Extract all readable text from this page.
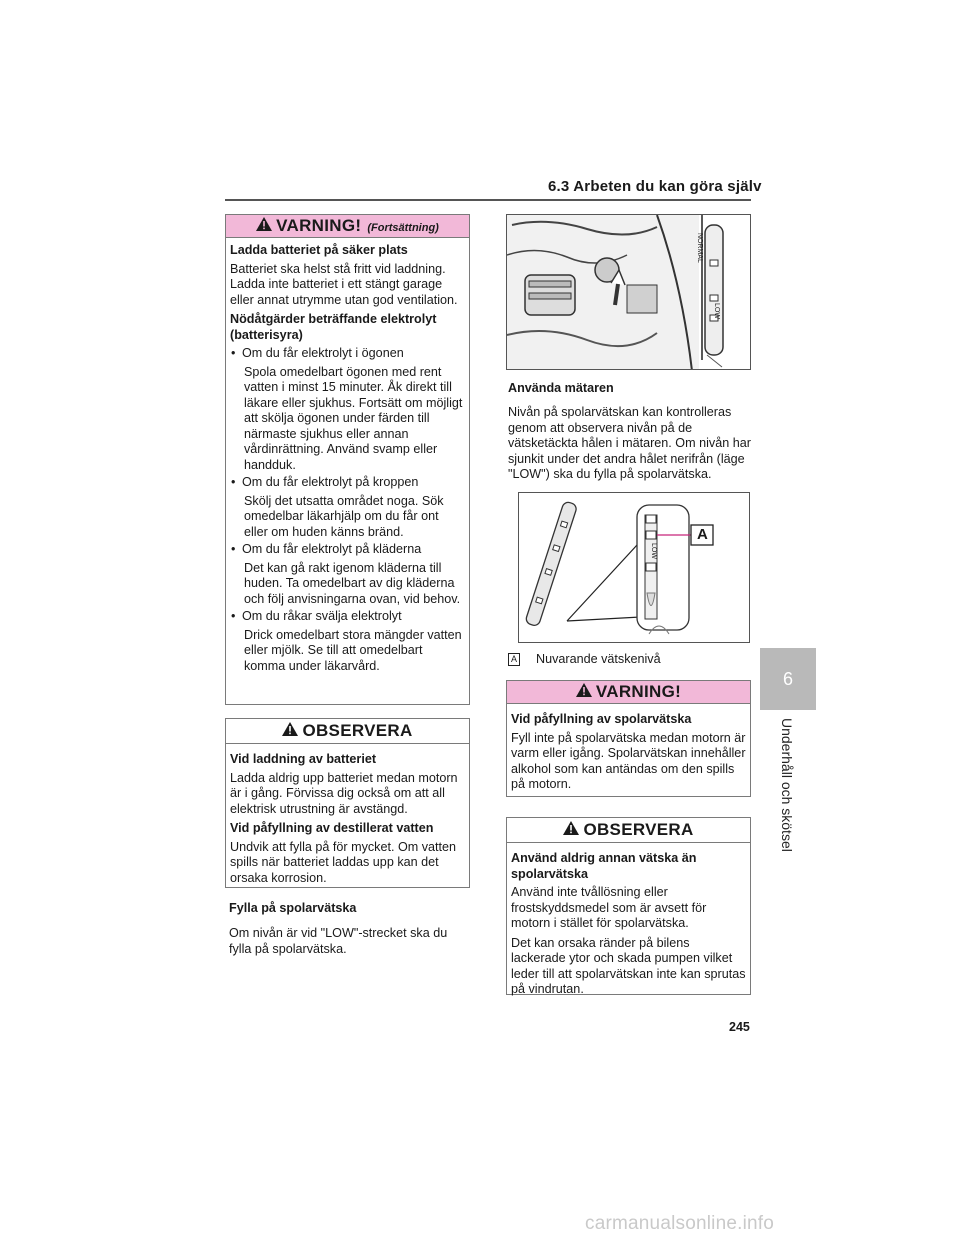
6.3 Arbeten du kan göra själv
VARNING! (Fortsättning)
Ladda batteriet på säker plats
Batteriet ska helst stå fritt vid laddning. Ladda inte batteriet i ett stängt garage eller annat utrymme utan god ventilation.
Nödåtgärder beträffande elektrolyt (batterisyra)
• Om du får elektrolyt i ögonen
Spola omedelbart ögonen med rent vatten i minst 15 minuter. Åk direkt till läkare eller sjukhus. Fortsätt om möjligt att skölja ögonen under färden till närmaste sjukhus eller annan vårdinrättning. Använd svamp eller handduk.
• Om du får elektrolyt på kroppen
Skölj det utsatta området noga. Sök omedelbar läkarhjälp om du får ont eller om huden känns bränd.
• Om du får elektrolyt på kläderna
Det kan gå rakt igenom kläderna till huden. Ta omedelbart av dig kläderna och följ anvisningarna ovan, vid behov.
• Om du råkar svälja elektrolyt
Drick omedelbart stora mängder vatten eller mjölk. Se till att omedelbart komma under läkarvård.
OBSERVERA
Vid laddning av batteriet
Ladda aldrig upp batteriet medan motorn är i gång. Förvissa dig också om att all elektrisk utrustning är avstängd.
Vid påfyllning av destillerat vatten
Undvik att fylla på för mycket. Om vatten spills när batteriet laddas upp kan det orsaka korrosion.
Fylla på spolarvätska
Om nivån är vid "LOW"-strecket ska du fylla på spolarvätska.
NORMAL
LOW
Använda mätaren
Nivån på spolarvätskan kan kontrolleras genom att observera nivån på de vätsketäckta hålen i mätaren. Om nivån har sjunkit under det andra hålet nerifrån (läge "LOW") ska du fylla på spolarvätska.
A
LOW
A Nuvarande vätskenivå
VARNING!
Vid påfyllning av spolarvätska
Fyll inte på spolarvätska medan motorn är varm eller igång. Spolarvätskan innehåller alkohol som kan antändas om den spills på motorn.
OBSERVERA
Använd aldrig annan vätska än spolarvätska
Använd inte tvållösning eller frostskyddsmedel som är avsett för motorn i stället för spolarvätska.
Det kan orsaka ränder på bilens lackerade ytor och skada pumpen vilket leder till att spolarvätskan inte kan sprutas på vindrutan.
6
Underhåll och skötsel
245
carmanualsonline.info
